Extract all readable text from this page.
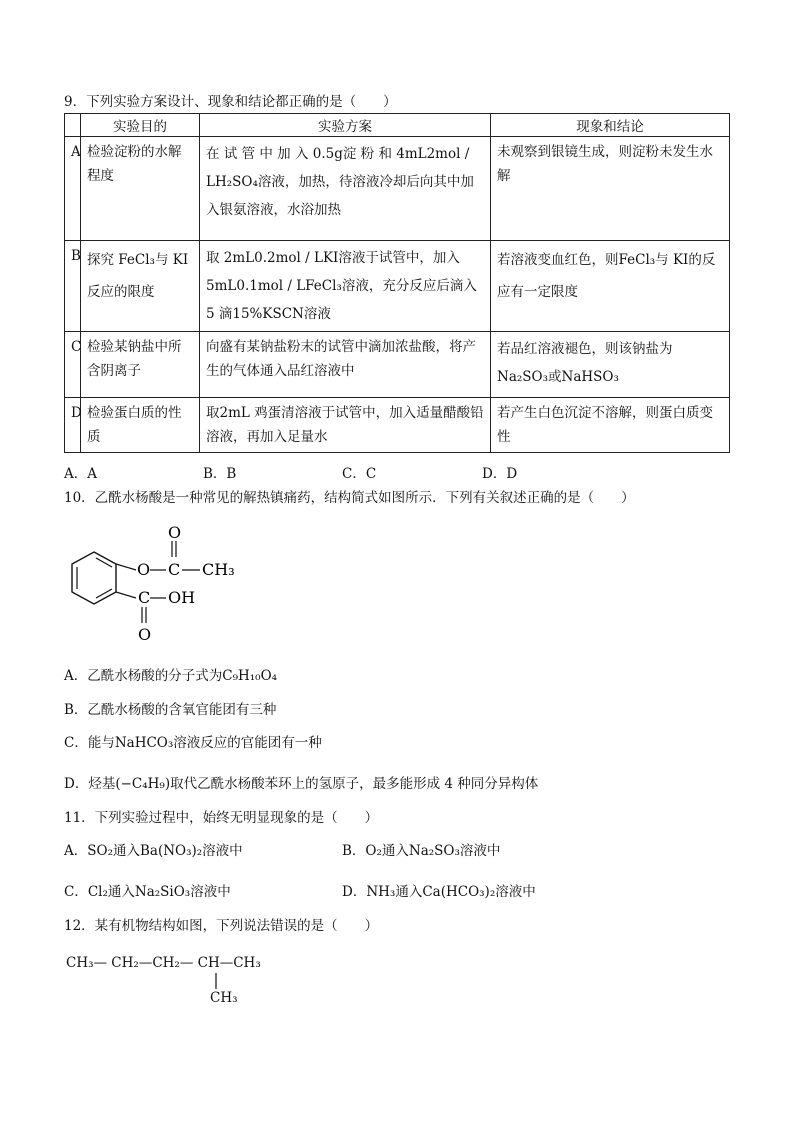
9．下列实验方案设计、现象和结论都正确的是（　　）
	实验目的	实验方案	现象和结论
A	检验淀粉的水解程度	在 试 管 中 加 入 0.5g淀 粉 和 4mL2mol / LH₂SO₄溶液，加热，待溶液冷却后向其中加入银氨溶液，水浴加热	未观察到银镜生成，则淀粉未发生水解
B	探究 FeCl₃与 KI 反应的限度	取 2mL0.2mol / LKI溶液于试管中，加入 5mL0.1mol / LFeCl₃溶液，充分反应后滴入 5 滴15%KSCN溶液	若溶液变血红色，则FeCl₃与 KI的反应有一定限度
C	检验某钠盐中所含阴离子	向盛有某钠盐粉末的试管中滴加浓盐酸，将产生的气体通入品红溶液中	若品红溶液褪色，则该钠盐为 Na₂SO₃或NaHSO₃
D	检验蛋白质的性质	取2mL 鸡蛋清溶液于试管中，加入适量醋酸铅溶液，再加入足量水	若产生白色沉淀不溶解，则蛋白质变性
A．A	B．B	C．C	D．D
10．乙酰水杨酸是一种常见的解热镇痛药，结构简式如图所示．下列有关叙述正确的是（　　）
O C
O
CH₃
C OH
O
A．乙酰水杨酸的分子式为C₉H₁₀O₄
B．乙酰水杨酸的含氧官能团有三种
C．能与NaHCO₃溶液反应的官能团有一种
D．烃基(−C₄H₉)取代乙酰水杨酸苯环上的氢原子，最多能形成 4 种同分异构体
11．下列实验过程中，始终无明显现象的是（　　）
A．SO₂通入Ba(NO₃)₂溶液中	B．O₂通入Na₂SO₃溶液中
C．Cl₂通入Na₂SiO₃溶液中	D．NH₃通入Ca(HCO₃)₂溶液中
12．某有机物结构如图，下列说法错误的是（　　）
CH₃— CH₂—CH₂— CH—CH₃
CH₃
